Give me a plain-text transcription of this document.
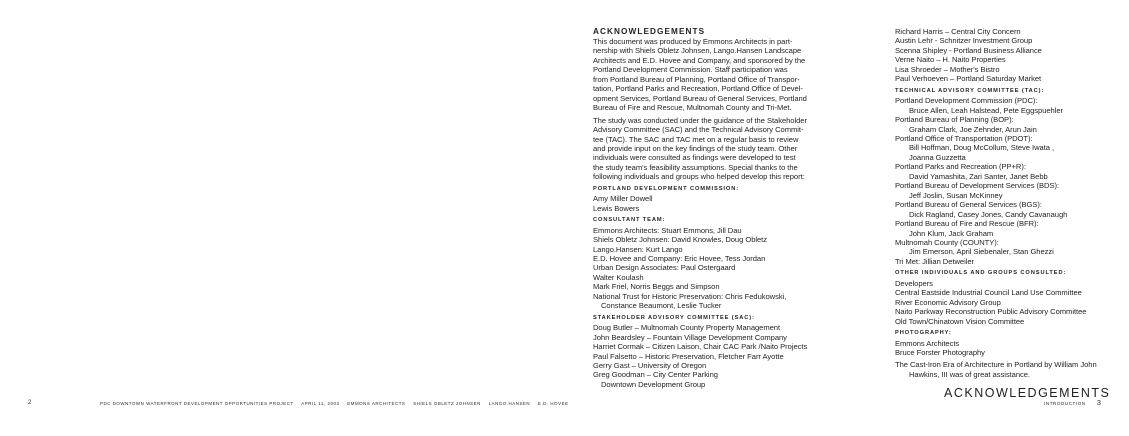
2	PDC DOWNTOWN WATERFRONT DEVELOPMENT OPPORTUNITIES PROJECT APRIL 11, 2003 EMMONS ARCHITECTS SHIELS OBLETZ JOHNSEN LANGO.HANSEN E.D. HOVEE
ACKNOWLEDGEMENTS
This document was produced by Emmons Architects in part-
nership with Shiels Obletz Johnsen, Lango.Hansen Landscape
Architects and E.D. Hovee and Company, and sponsored by the
Portland Development Commission. Staff participation was
from Portland Bureau of Planning, Portland Office of Transpor-
tation, Portland Parks and Recreation, Portland Office of Devel-
opment Services, Portland Bureau of General Services, Portland
Bureau of Fire and Rescue, Multnomah County and Tri-Met.
The study was conducted under the guidance of the Stakeholder
Advisory Committee (SAC) and the Technical Advisory Commit-
tee (TAC). The SAC and TAC met on a regular basis to review
and provide input on the key findings of the study team. Other
individuals were consulted as findings were developed to test
the study team's feasibility assumptions. Special thanks to the
following individuals and groups who helped develop this report:
PORTLAND DEVELOPMENT COMMISSION:
Amy Miller Dowell
Lewis Bowers
CONSULTANT TEAM:
Emmons Architects: Stuart Emmons, Jill Dau
Shiels Obletz Johnsen: David Knowles, Doug Obletz
Lango.Hansen: Kurt Lango
E.D. Hovee and Company: Eric Hovee, Tess Jordan
Urban Design Associates: Paul Ostergaard
Walter Koulash
Mark Friel, Norris Beggs and Simpson
National Trust for Historic Preservation: Chris Fedukowski,
Constance Beaumont, Leslie Tucker
STAKEHOLDER ADVISORY COMMITTEE (SAC):
Doug Butler – Multnomah County Property Management
John Beardsley – Fountain Village Development Company
Harriet Cormak – Citizen Laison, Chair CAC Park /Naito Projects
Paul Falsetto – Historic Preservation, Fletcher Farr Ayotte
Gerry Gast – University of Oregon
Greg Goodman – City Center Parking
Downtown Development Group
Richard Harris – Central City Concern
Austin Lehr - Schnitzer Investment Group
Scenna Shipley - Portland Business Alliance
Verne Naito – H. Naito Properties
Lisa Shroeder – Mother's Bistro
Paul Verhoeven – Portland Saturday Market
TECHNICAL ADVISORY COMMITTEE (TAC):
Portland Development Commission (PDC):
Bruce Allen, Leah Halstead, Pete Eggspuehler
Portland Bureau of Planning (BOP):
Graham Clark, Joe Zehnder, Arun Jain
Portland Office of Transportation (PDOT):
Bill Hoffman, Doug McCollum, Steve Iwata ,
Joanna Guzzetta
Portland Parks and Recreation (PP+R):
David Yamashita, Zari Santer, Janet Bebb
Portland Bureau of Development Services (BDS):
Jeff Joslin, Susan McKinney
Portland Bureau of General Services (BGS):
Dick Ragland, Casey Jones, Candy Cavanaugh
Portland Bureau of Fire and Rescue (BFR):
John Klum, Jack Graham
Multnomah County (COUNTY):
Jim Emerson, April Siebenaler, Stan Ghezzi
Tri Met: Jillian Detweiler
OTHER INDIVIDUALS AND GROUPS CONSULTED:
Developers
Central Eastside Industrial Council Land Use Committee
River Economic Advisory Group
Naito Parkway Reconstruction Public Advisory Committee
Old Town/Chinatown Vision Committee
PHOTOGRAPHY:
Emmons Architects
Bruce Forster Photography
The Cast-Iron Era of Architecture in Portland by William John
Hawkins, III was of great assistance.
ACKNOWLEDGEMENTS
INTRODUCTION 3
